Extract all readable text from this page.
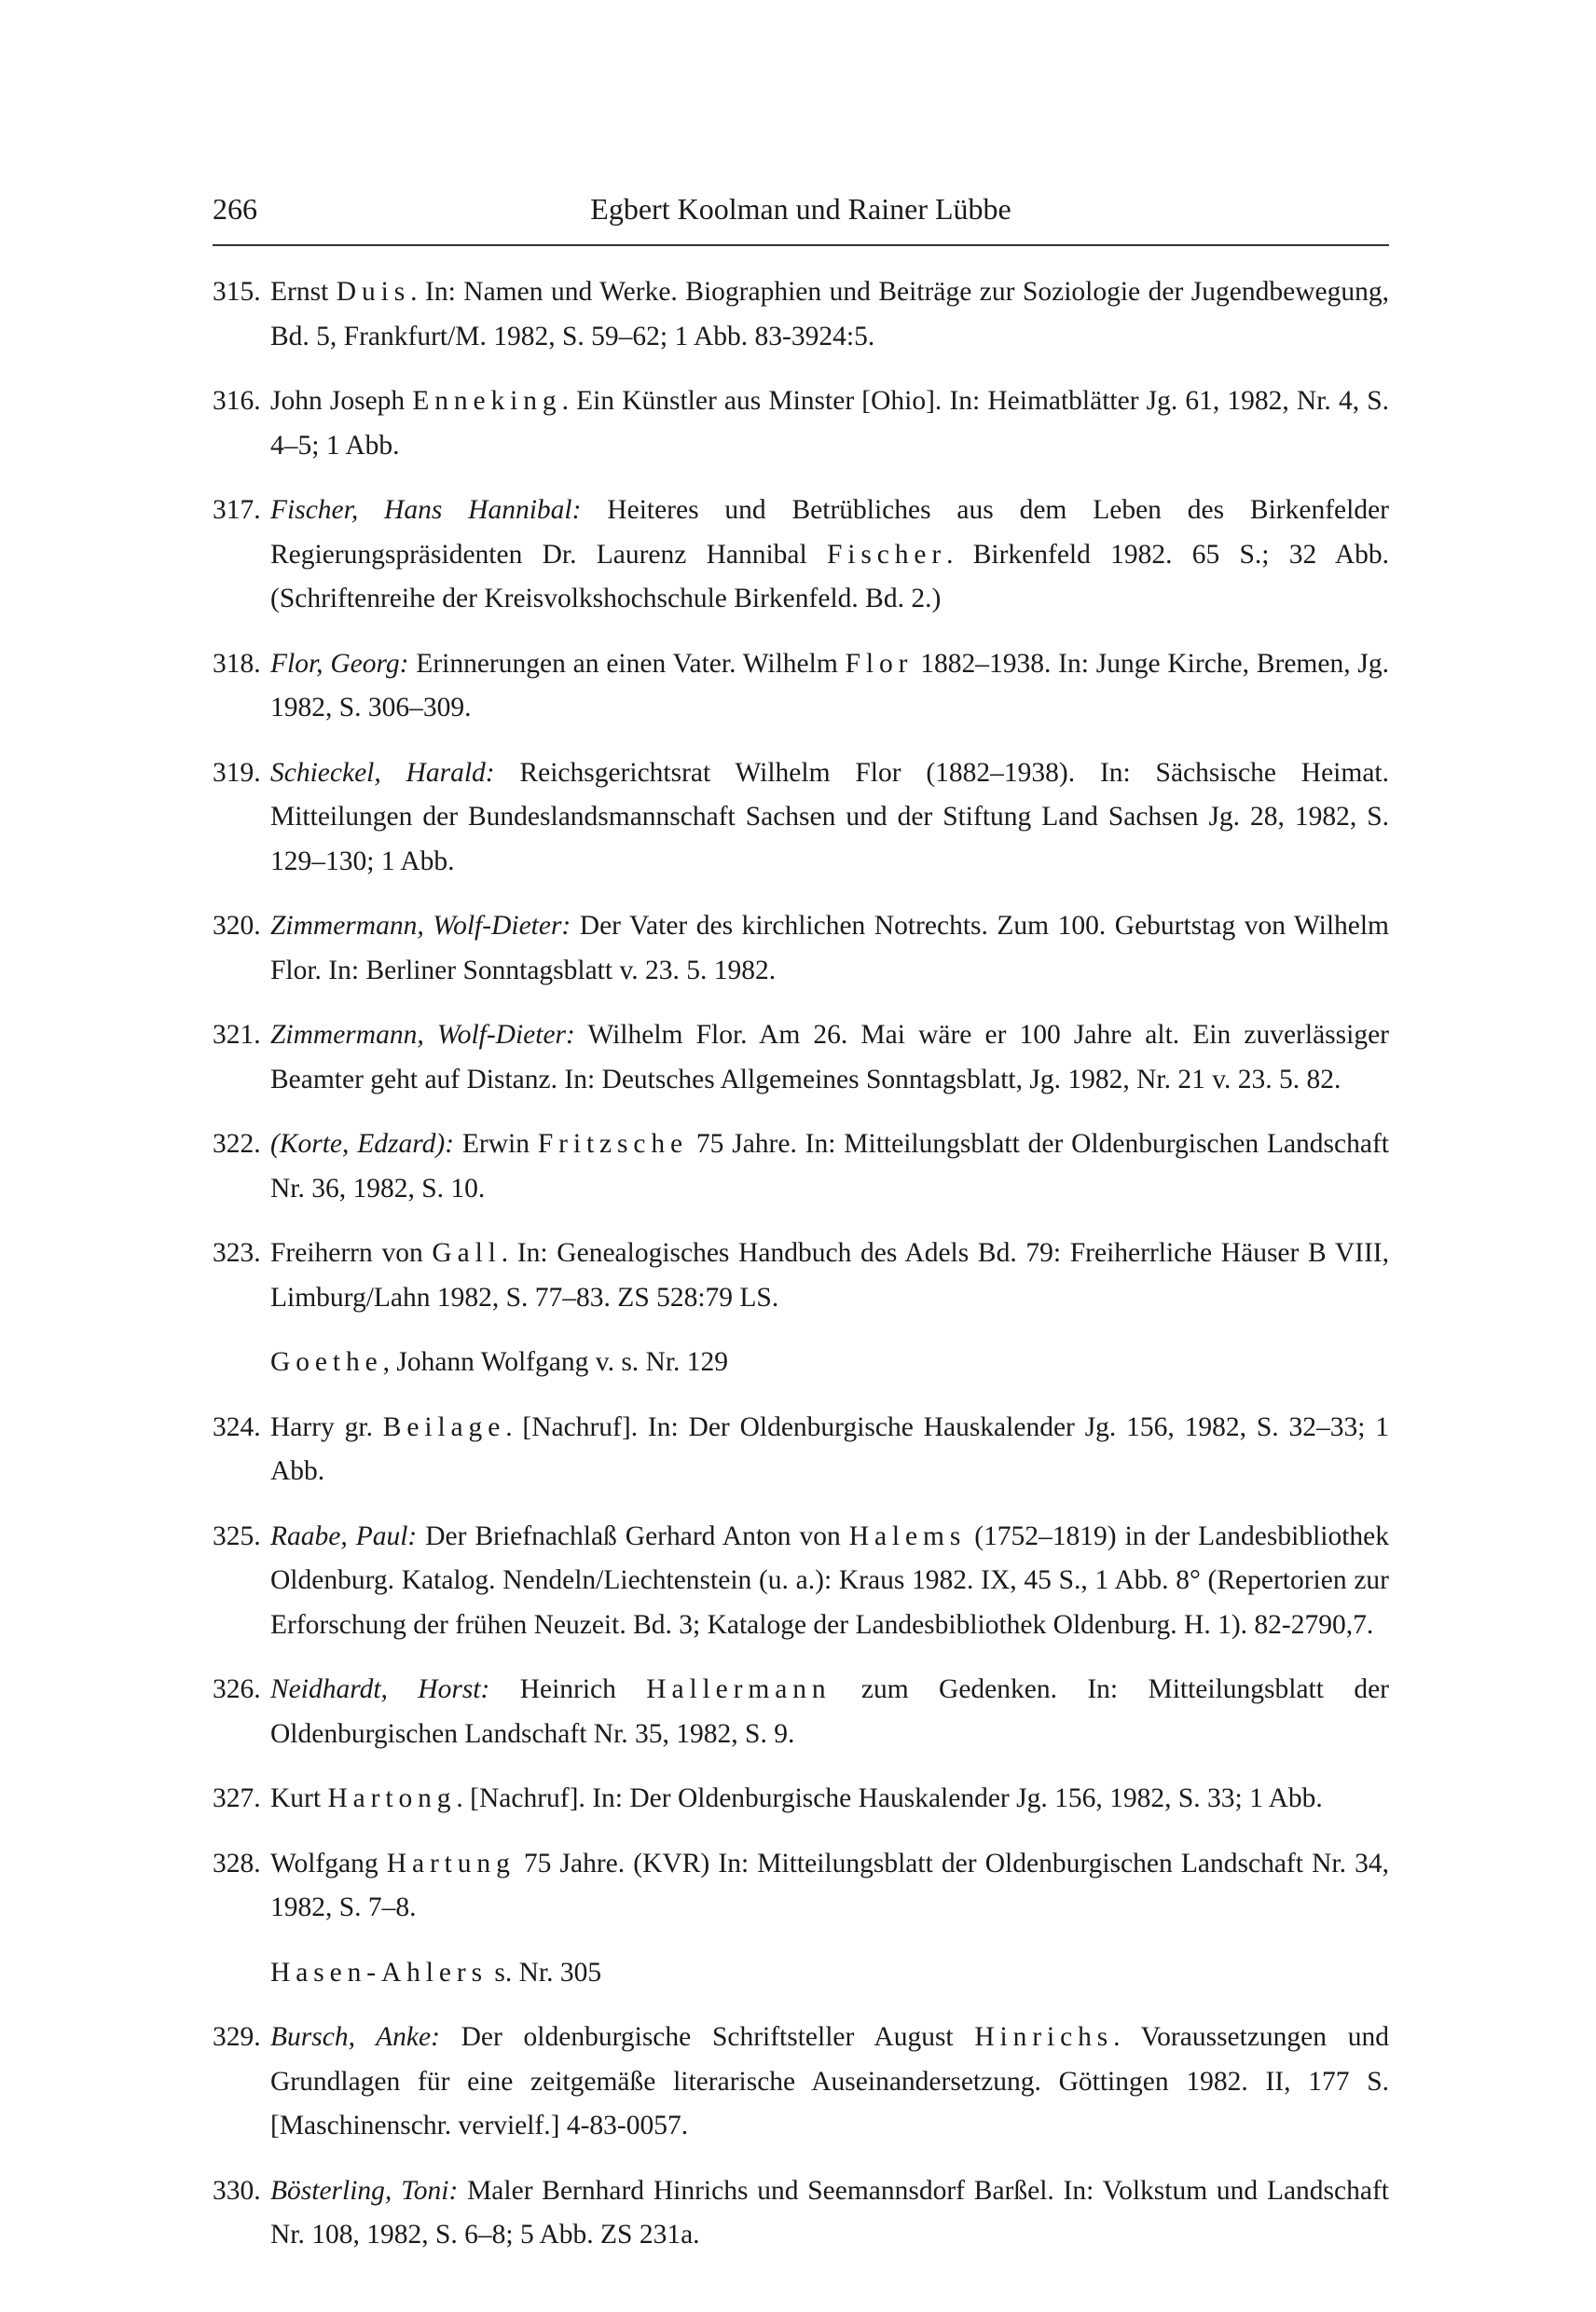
266	Egbert Koolman und Rainer Lübbe
315. Ernst Duis. In: Namen und Werke. Biographien und Beiträge zur Soziologie der Jugendbewegung, Bd. 5, Frankfurt/M. 1982, S. 59–62; 1 Abb. 83-3924:5.
316. John Joseph Enneking. Ein Künstler aus Minster [Ohio]. In: Heimatblätter Jg. 61, 1982, Nr. 4, S. 4–5; 1 Abb.
317. Fischer, Hans Hannibal: Heiteres und Betrübliches aus dem Leben des Birkenfelder Regierungspräsidenten Dr. Laurenz Hannibal Fischer. Birkenfeld 1982. 65 S.; 32 Abb. (Schriftenreihe der Kreisvolkshochschule Birkenfeld. Bd. 2.)
318. Flor, Georg: Erinnerungen an einen Vater. Wilhelm Flor 1882–1938. In: Junge Kirche, Bremen, Jg. 1982, S. 306–309.
319. Schieckel, Harald: Reichsgerichtsrat Wilhelm Flor (1882–1938). In: Sächsische Heimat. Mitteilungen der Bundeslandsmannschaft Sachsen und der Stiftung Land Sachsen Jg. 28, 1982, S. 129–130; 1 Abb.
320. Zimmermann, Wolf-Dieter: Der Vater des kirchlichen Notrechts. Zum 100. Geburtstag von Wilhelm Flor. In: Berliner Sonntagsblatt v. 23. 5. 1982.
321. Zimmermann, Wolf-Dieter: Wilhelm Flor. Am 26. Mai wäre er 100 Jahre alt. Ein zuverlässiger Beamter geht auf Distanz. In: Deutsches Allgemeines Sonntagsblatt, Jg. 1982, Nr. 21 v. 23. 5. 82.
322. (Korte, Edzard): Erwin Fritzsche 75 Jahre. In: Mitteilungsblatt der Oldenburgischen Landschaft Nr. 36, 1982, S. 10.
323. Freiherrn von Gall. In: Genealogisches Handbuch des Adels Bd. 79: Freiherrliche Häuser B VIII, Limburg/Lahn 1982, S. 77–83. ZS 528:79 LS.
Goethe, Johann Wolfgang v. s. Nr. 129
324. Harry gr. Beilage. [Nachruf]. In: Der Oldenburgische Hauskalender Jg. 156, 1982, S. 32–33; 1 Abb.
325. Raabe, Paul: Der Briefnachlaß Gerhard Anton von Halems (1752–1819) in der Landesbibliothek Oldenburg. Katalog. Nendeln/Liechtenstein (u. a.): Kraus 1982. IX, 45 S., 1 Abb. 8° (Repertorien zur Erforschung der frühen Neuzeit. Bd. 3; Kataloge der Landesbibliothek Oldenburg. H. 1). 82-2790,7.
326. Neidhardt, Horst: Heinrich Hallermann zum Gedenken. In: Mitteilungsblatt der Oldenburgischen Landschaft Nr. 35, 1982, S. 9.
327. Kurt Hartong. [Nachruf]. In: Der Oldenburgische Hauskalender Jg. 156, 1982, S. 33; 1 Abb.
328. Wolfgang Hartung 75 Jahre. (KVR) In: Mitteilungsblatt der Oldenburgischen Landschaft Nr. 34, 1982, S. 7–8.
Hasen-Ahlers s. Nr. 305
329. Bursch, Anke: Der oldenburgische Schriftsteller August Hinrichs. Voraussetzungen und Grundlagen für eine zeitgemäße literarische Auseinandersetzung. Göttingen 1982. II, 177 S. [Maschinenschr. vervielf.] 4-83-0057.
330. Bösterling, Toni: Maler Bernhard Hinrichs und Seemannsdorf Barßel. In: Volkstum und Landschaft Nr. 108, 1982, S. 6–8; 5 Abb. ZS 231a.
